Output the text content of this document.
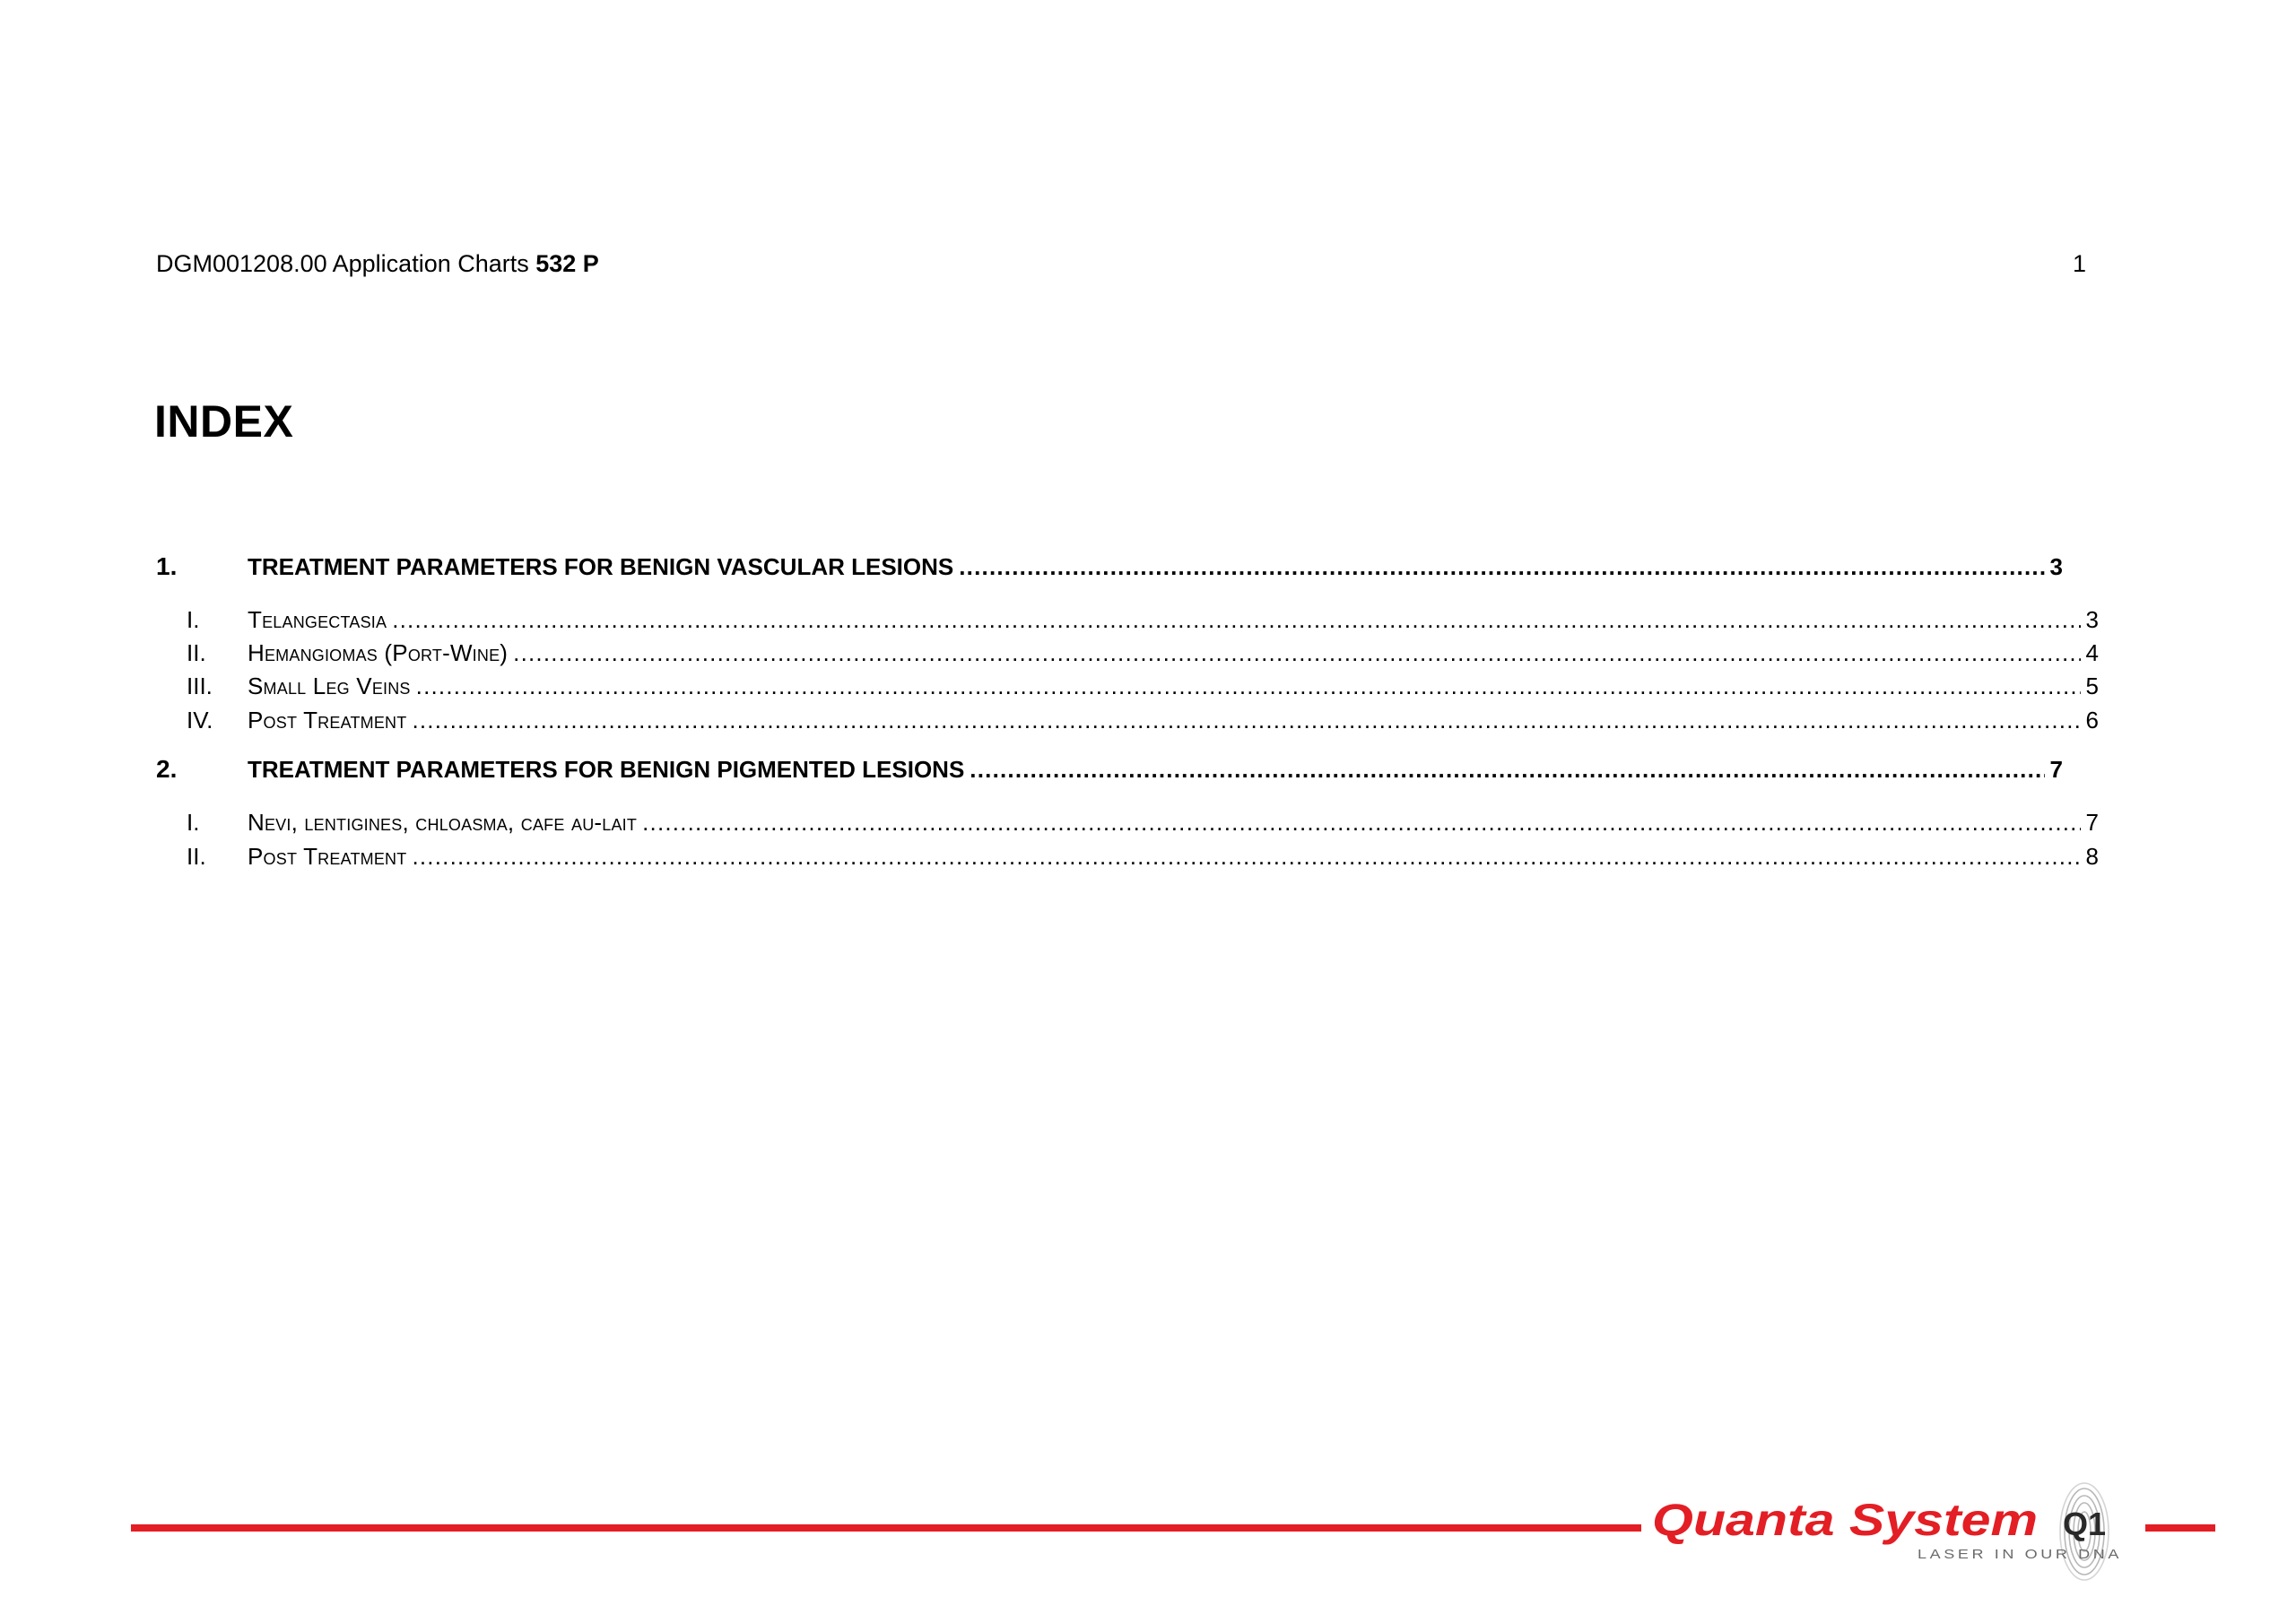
DGM001208.00 Application Charts 532 P	1
INDEX
1.	TREATMENT PARAMETERS FOR BENIGN VASCULAR LESIONS .....	3
I.	Telangectasia .....	3
II.	Hemangiomas (Port-Wine) .....	4
III.	Small Leg Veins .....	5
IV.	Post Treatment .....	6
2.	TREATMENT PARAMETERS FOR BENIGN PIGMENTED LESIONS .....	7
I.	Nevi, lentigines, chloasma, cafe au-lait .....	7
II.	Post Treatment .....	8
Quanta System Q1
LASER IN OUR DNA
